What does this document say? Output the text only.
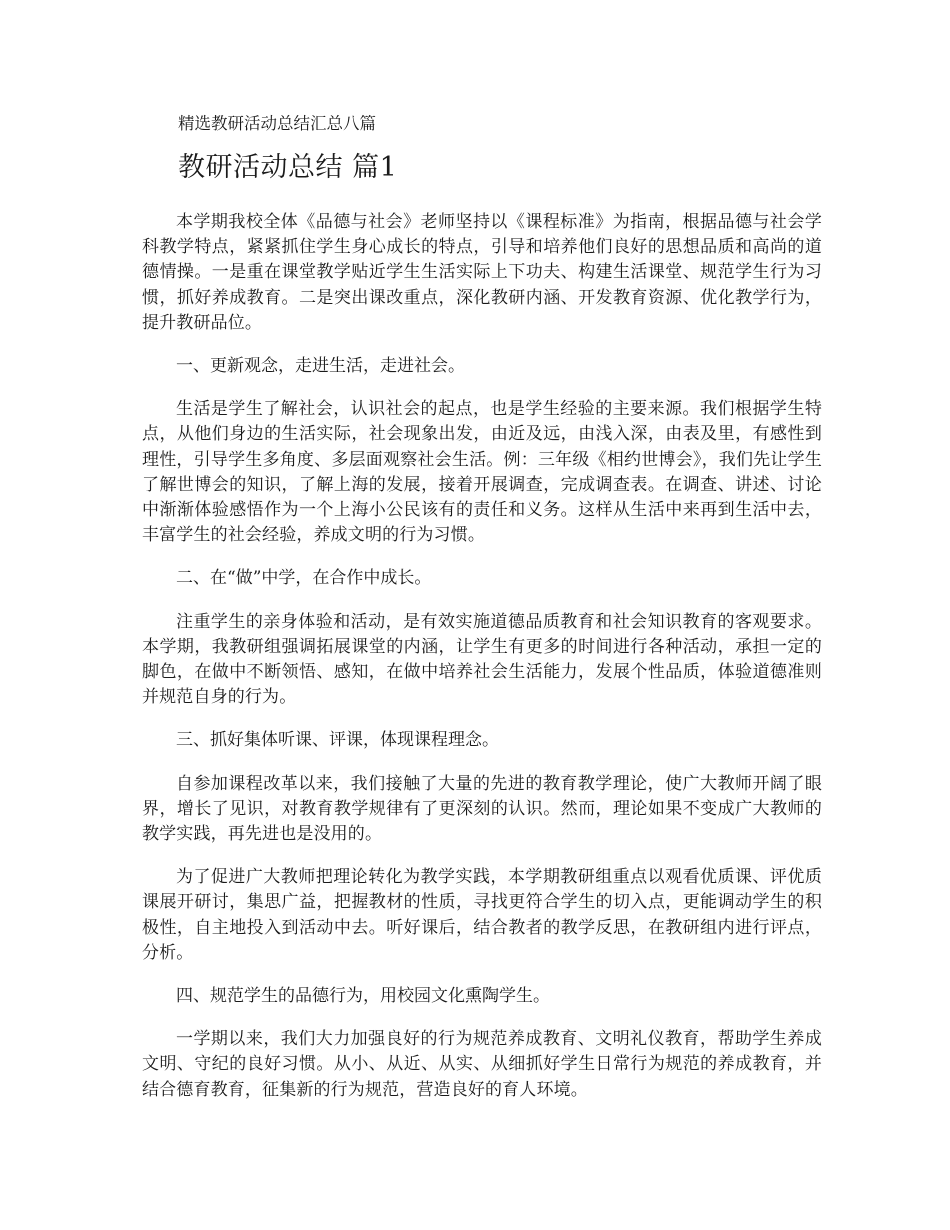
精选教研活动总结汇总八篇
教研活动总结 篇1

本学期我校全体《品德与社会》老师坚持以《课程标准》为指南，根据品德与社会学科教学特点，紧紧抓住学生身心成长的特点，引导和培养他们良好的思想品质和高尚的道德情操。一是重在课堂教学贴近学生生活实际上下功夫、构建生活课堂、规范学生行为习惯，抓好养成教育。二是突出课改重点，深化教研内涵、开发教育资源、优化教学行为，提升教研品位。

一、更新观念，走进生活，走进社会。

生活是学生了解社会，认识社会的起点，也是学生经验的主要来源。我们根据学生特点，从他们身边的生活实际，社会现象出发，由近及远，由浅入深，由表及里，有感性到理性，引导学生多角度、多层面观察社会生活。例：三年级《相约世博会》，我们先让学生了解世博会的知识，了解上海的发展，接着开展调查，完成调查表。在调查、讲述、讨论中渐渐体验感悟作为一个上海小公民该有的责任和义务。这样从生活中来再到生活中去，丰富学生的社会经验，养成文明的行为习惯。

二、在“做”中学，在合作中成长。

注重学生的亲身体验和活动，是有效实施道德品质教育和社会知识教育的客观要求。本学期，我教研组强调拓展课堂的内涵，让学生有更多的时间进行各种活动，承担一定的脚色，在做中不断领悟、感知，在做中培养社会生活能力，发展个性品质，体验道德准则并规范自身的行为。

三、抓好集体听课、评课，体现课程理念。

自参加课程改革以来，我们接触了大量的先进的教育教学理论，使广大教师开阔了眼界，增长了见识，对教育教学规律有了更深刻的认识。然而，理论如果不变成广大教师的教学实践，再先进也是没用的。

为了促进广大教师把理论转化为教学实践，本学期教研组重点以观看优质课、评优质课展开研讨，集思广益，把握教材的性质，寻找更符合学生的切入点，更能调动学生的积极性，自主地投入到活动中去。听好课后，结合教者的教学反思，在教研组内进行评点，分析。

四、规范学生的品德行为，用校园文化熏陶学生。

一学期以来，我们大力加强良好的行为规范养成教育、文明礼仪教育，帮助学生养成文明、守纪的良好习惯。从小、从近、从实、从细抓好学生日常行为规范的养成教育，并结合德育教育，征集新的行为规范，营造良好的育人环境。
